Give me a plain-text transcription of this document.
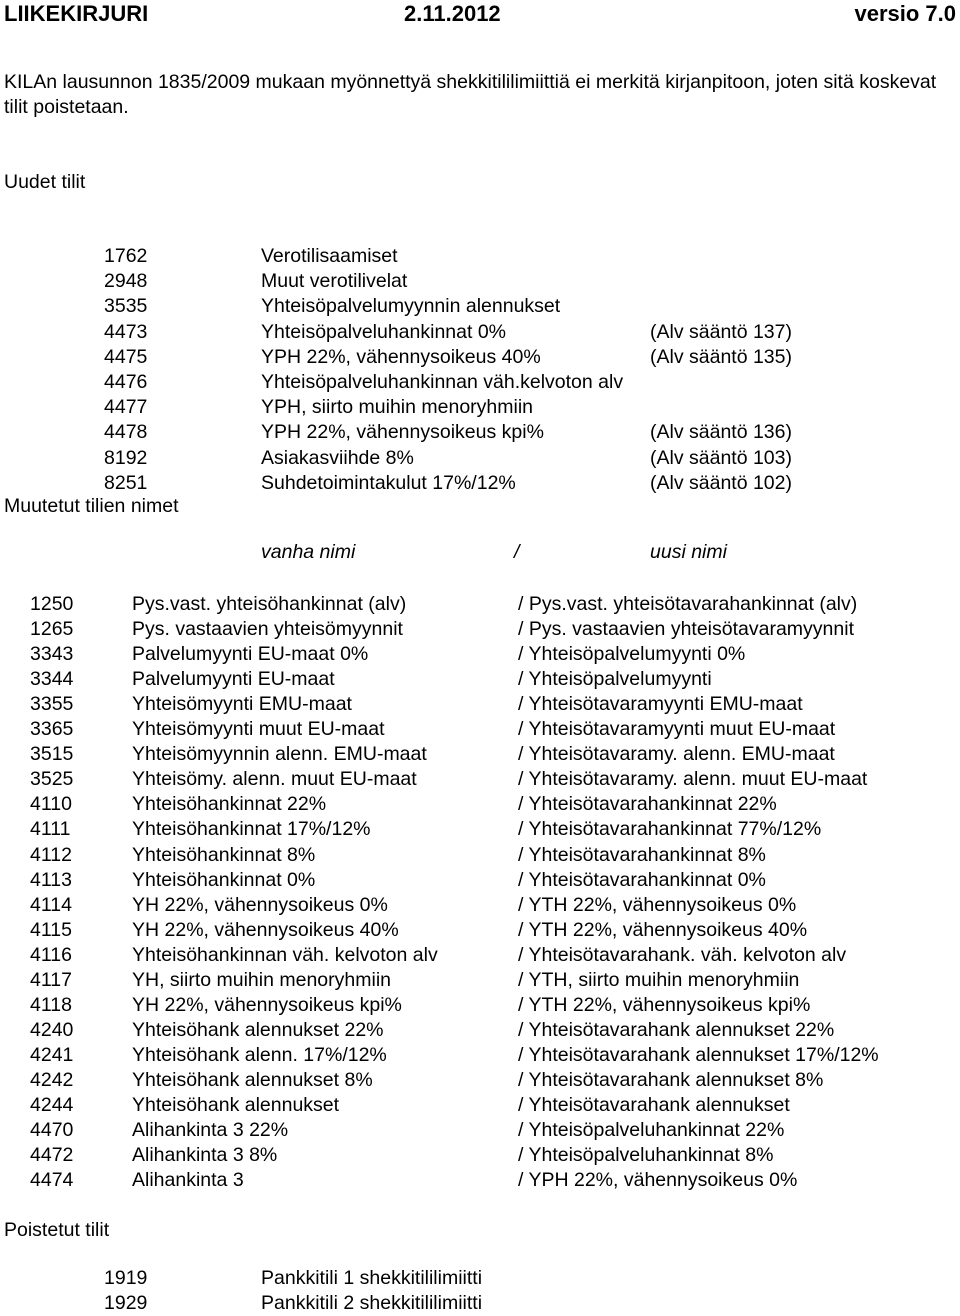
LIIKEKIRJURI	2.11.2012	versio 7.0
KILAn lausunnon 1835/2009 mukaan myönnettyä shekkitililimiittiä ei merkitä kirjanpitoon, joten sitä koskevat tilit poistetaan.
Uudet tilit
1762	Verotilisaamiset
2948	Muut verotilivelat
3535	Yhteisöpalvelumyynnin alennukset
4473	Yhteisöpalveluhankinnat 0%	(Alv sääntö 137)
4475	YPH 22%, vähennysoikeus 40%	(Alv sääntö 135)
4476	Yhteisöpalveluhankinnan väh.kelvoton alv
4477	YPH, siirto muihin menoryhmiin
4478	YPH 22%, vähennysoikeus kpi%	(Alv sääntö 136)
8192	Asiakasviihde 8%	(Alv sääntö 103)
8251	Suhdetoimintakulut 17%/12%	(Alv sääntö 102)
Muutetut tilien nimet
vanha nimi	/	uusi nimi
1250	Pys.vast. yhteisöhankinnat (alv)	/ Pys.vast. yhteisötavarahankinnat (alv)
1265	Pys. vastaavien yhteisömyynnit	/ Pys. vastaavien yhteisötavaramyynnit
3343	Palvelumyynti EU-maat 0%	/ Yhteisöpalvelumyynti 0%
3344	Palvelumyynti EU-maat	/ Yhteisöpalvelumyynti
3355	Yhteisömyynti EMU-maat	/ Yhteisötavaramyynti EMU-maat
3365	Yhteisömyynti muut EU-maat	/ Yhteisötavaramyynti muut EU-maat
3515	Yhteisömyynnin alenn. EMU-maat	/ Yhteisötavaramy. alenn. EMU-maat
3525	Yhteisömy. alenn. muut EU-maat	/ Yhteisötavaramy. alenn. muut EU-maat
4110	Yhteisöhankinnat 22%	/ Yhteisötavarahankinnat 22%
4111	Yhteisöhankinnat 17%/12%	/ Yhteisötavarahankinnat 77%/12%
4112	Yhteisöhankinnat 8%	/ Yhteisötavarahankinnat 8%
4113	Yhteisöhankinnat 0%	/ Yhteisötavarahankinnat 0%
4114	YH 22%, vähennysoikeus 0%	/ YTH 22%, vähennysoikeus 0%
4115	YH 22%, vähennysoikeus 40%	/ YTH 22%, vähennysoikeus 40%
4116	Yhteisöhankinnan väh. kelvoton alv	/ Yhteisötavarahank. väh. kelvoton alv
4117	YH, siirto muihin menoryhmiin	/ YTH, siirto muihin menoryhmiin
4118	YH 22%, vähennysoikeus kpi%	/ YTH 22%, vähennysoikeus kpi%
4240	Yhteisöhank alennukset 22%	/ Yhteisötavarahank alennukset 22%
4241	Yhteisöhank alenn. 17%/12%	/ Yhteisötavarahank alennukset 17%/12%
4242	Yhteisöhank alennukset 8%	/ Yhteisötavarahank alennukset 8%
4244	Yhteisöhank alennukset	/ Yhteisötavarahank alennukset
4470	Alihankinta 3 22%	/ Yhteisöpalveluhankinnat 22%
4472	Alihankinta 3 8%	/ Yhteisöpalveluhankinnat 8%
4474	Alihankinta 3	/ YPH 22%, vähennysoikeus 0%
Poistetut tilit
1919	Pankkitili 1 shekkitililimiitti
1929	Pankkitili 2 shekkitililimiitti
